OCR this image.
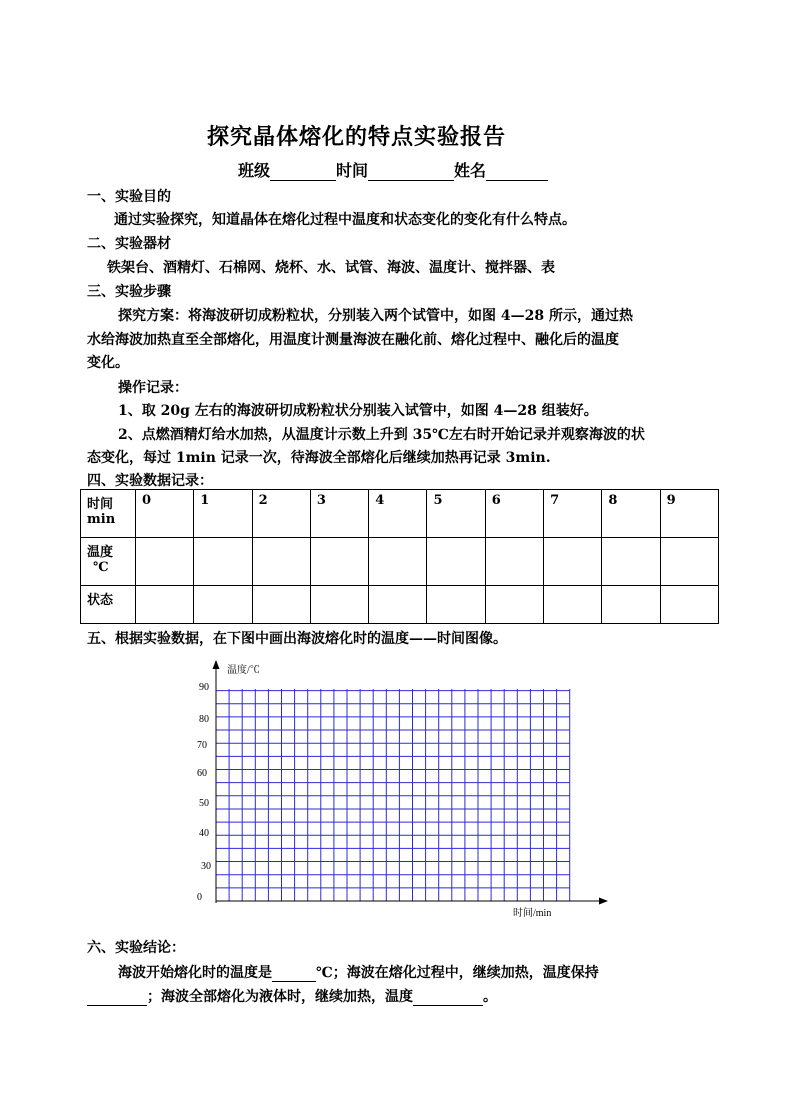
探究晶体熔化的特点实验报告
班级	时间	姓名
一、实验目的
通过实验探究，知道晶体在熔化过程中温度和状态变化的变化有什么特点。
二、实验器材
铁架台、酒精灯、石棉网、烧杯、水、试管、海波、温度计、搅拌器、表
三、实验步骤
探究方案：将海波研切成粉粒状，分别装入两个试管中，如图 4—28 所示，通过热
水给海波加热直至全部熔化，用温度计测量海波在融化前、熔化过程中、融化后的温度
变化。
操作记录：
1、取 20g 左右的海波研切成粉粒状分别装入试管中，如图 4—28 组装好。
2、点燃酒精灯给水加热，从温度计示数上升到 35℃左右时开始记录并观察海波的状
态变化，每过 1min 记录一次，待海波全部熔化后继续加热再记录 3min.
四、实验数据记录：
时间
min	0	1	2	3	4	5	6	7	8	9

温度
℃										

状态										
五、根据实验数据，在下图中画出海波熔化时的温度——时间图像。
温度/℃
时间/min
90
80
70
60
50
40
30
0
六、实验结论：
海波开始熔化时的温度是	℃；海波在熔化过程中，继续加热，温度保持
；海波全部熔化为液体时，继续加热，温度	。
